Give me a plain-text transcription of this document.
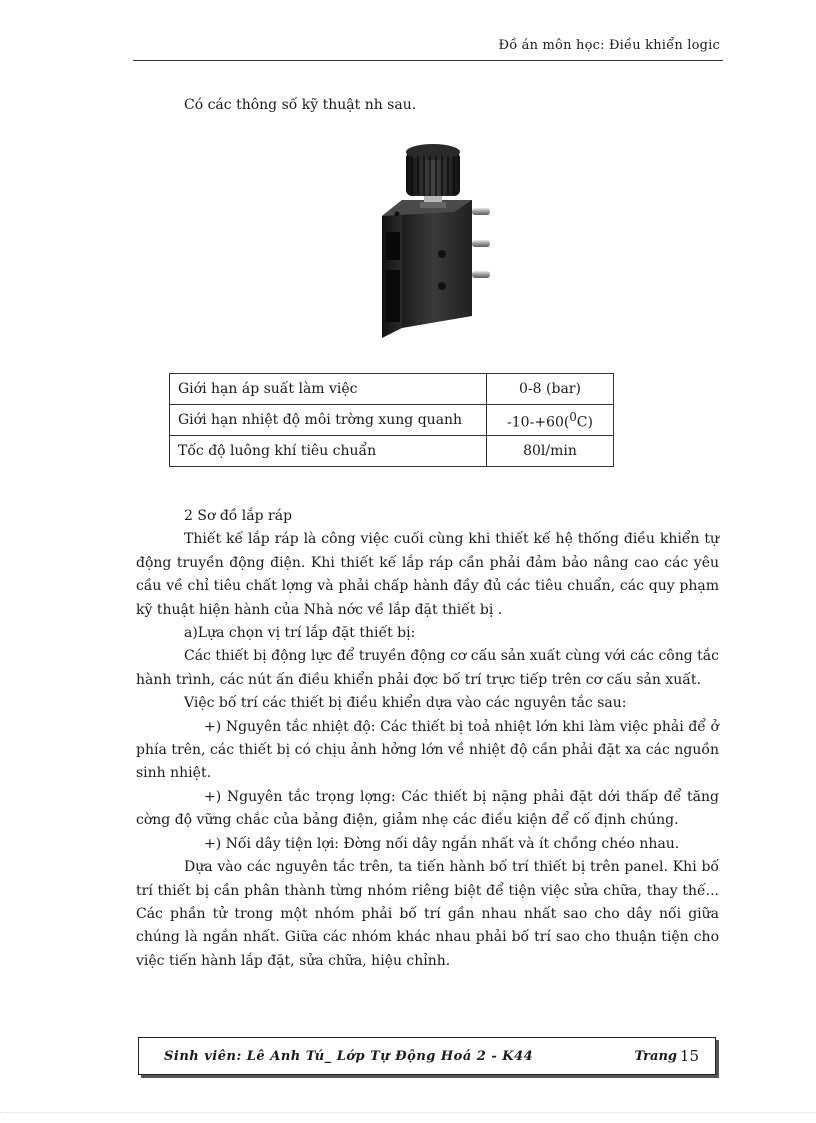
Đồ án môn học: Điều khiển logic
Có các thông số kỹ thuật nh sau.
Giới hạn áp suất làm việc	0-8 (bar)
Giới hạn nhiệt độ môi trờng xung quanh	-10-+60($^0$C)
Tốc độ luông khí tiêu chuẩn	80l/min

2 Sơ đồ lắp ráp

Thiết kế lắp ráp là công việc cuối cùng khi thiết kế hệ thống điều khiển tự động truyền động điện. Khi thiết kế lắp ráp cần phải đảm bảo nâng cao các yêu cầu về chỉ tiêu chất lợng và phải chấp hành đầy đủ các tiêu chuẩn, các quy phạm kỹ thuật hiện hành của Nhà nớc về lắp đặt thiết bị .

a)Lựa chọn vị trí lắp đặt thiết bị:

Các thiết bị động lực để truyền động cơ cấu sản xuất cùng với các công tắc hành trình, các nút ấn điều khiển phải đợc bố trí trực tiếp trên cơ cấu sản xuất.

Việc bố trí các thiết bị điều khiển dựa vào các nguyên tắc sau:

+) Nguyên tắc nhiệt độ: Các thiết bị toả nhiệt lớn khi làm việc phải để ở phía trên, các thiết bị có chịu ảnh hởng lớn về nhiệt độ cần phải đặt xa các nguồn sinh nhiệt.

+) Nguyên tắc trọng lợng: Các thiết bị nặng phải đặt dới thấp để tăng cờng độ vững chắc của bảng điện, giảm nhẹ các điều kiện để cố định chúng.

+) Nối dây tiện lợi: Đờng nối dây ngắn nhất và ít chồng chéo nhau.

Dựa vào các nguyên tắc trên, ta tiến hành bố trí thiết bị trên panel. Khi bố trí thiết bị cần phân thành từng nhóm riêng biệt để tiện việc sửa chữa, thay thế... Các phần tử trong một nhóm phải bố trí gần nhau nhất sao cho dây nối giữa chúng là ngắn nhất. Giữa các nhóm khác nhau phải bố trí sao cho thuận tiện cho việc tiến hành lắp đặt, sửa chữa, hiệu chỉnh.

Sinh viên: Lê Anh Tú_ Lớp Tự Động Hoá 2 - K44	Trang 15
